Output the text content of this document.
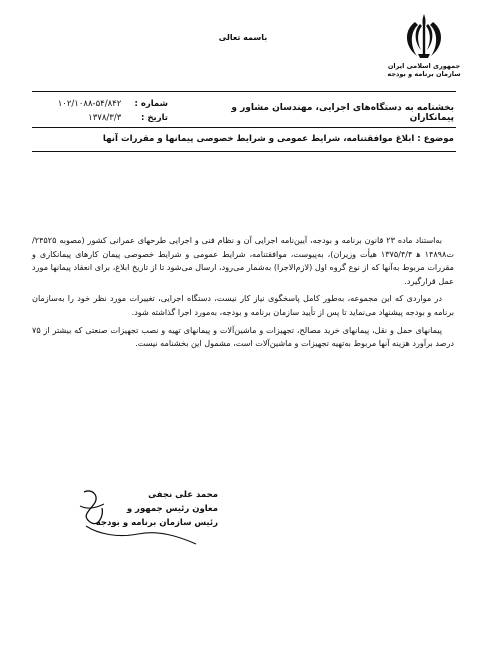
باسمه تعالی
جمهوری اسلامی ایران
سازمان برنامه و بودجه
بخشنامه به دستگاه‌های اجرایی، مهندسان مشاور و پیمانکاران
شماره : ۱۰۲/۱۰۸۸-۵۴/۸۴۲
تاریخ : ۱۳۷۸/۳/۳
موضوع : ابلاغ موافقتنامه، شرایط عمومی و شرایط خصوصی پیمانها و مقررات آنها

به‌استناد ماده ۲۳ قانون برنامه و بودجه، آیین‌نامه اجرایی آن و نظام فنی و اجرایی طرحهای عمرانی کشور (مصوبه ۲۴۵۲۵/ت۱۴۸۹۸ ه‍ ۱۳۷۵/۴/۴ هیأت وزیران)، به‌پیوست، موافقتنامه، شرایط عمومی و شرایط خصوصی پیمان کارهای پیمانکاری و مقررات مربوط به‌آنها که از نوع گروه اول (لازم‌الاجرا) به‌شمار می‌رود، ارسال می‌شود تا از تاریخ ابلاغ، برای انعقاد پیمانها مورد عمل قرارگیرد.

در مواردی که این مجموعه، به‌طور کامل پاسخگوی نیاز کار نیست، دستگاه اجرایی، تغییرات مورد نظر خود را به‌سازمان برنامه و بودجه پیشنهاد می‌نماید تا پس از تأیید سازمان برنامه و بودجه، به‌مورد اجرا گذاشته شود.

پیمانهای حمل و نقل، پیمانهای خرید مصالح، تجهیزات و ماشین‌آلات و پیمانهای تهیه و نصب تجهیزات صنعتی که بیشتر از ۷۵ درصد برآورد هزینه آنها مربوط به‌تهیه تجهیزات و ماشین‌آلات است، مشمول این بخشنامه نیست.

محمد علی نجفی
معاون رئیس جمهور و
رئیس سازمان برنامه و بودجه
